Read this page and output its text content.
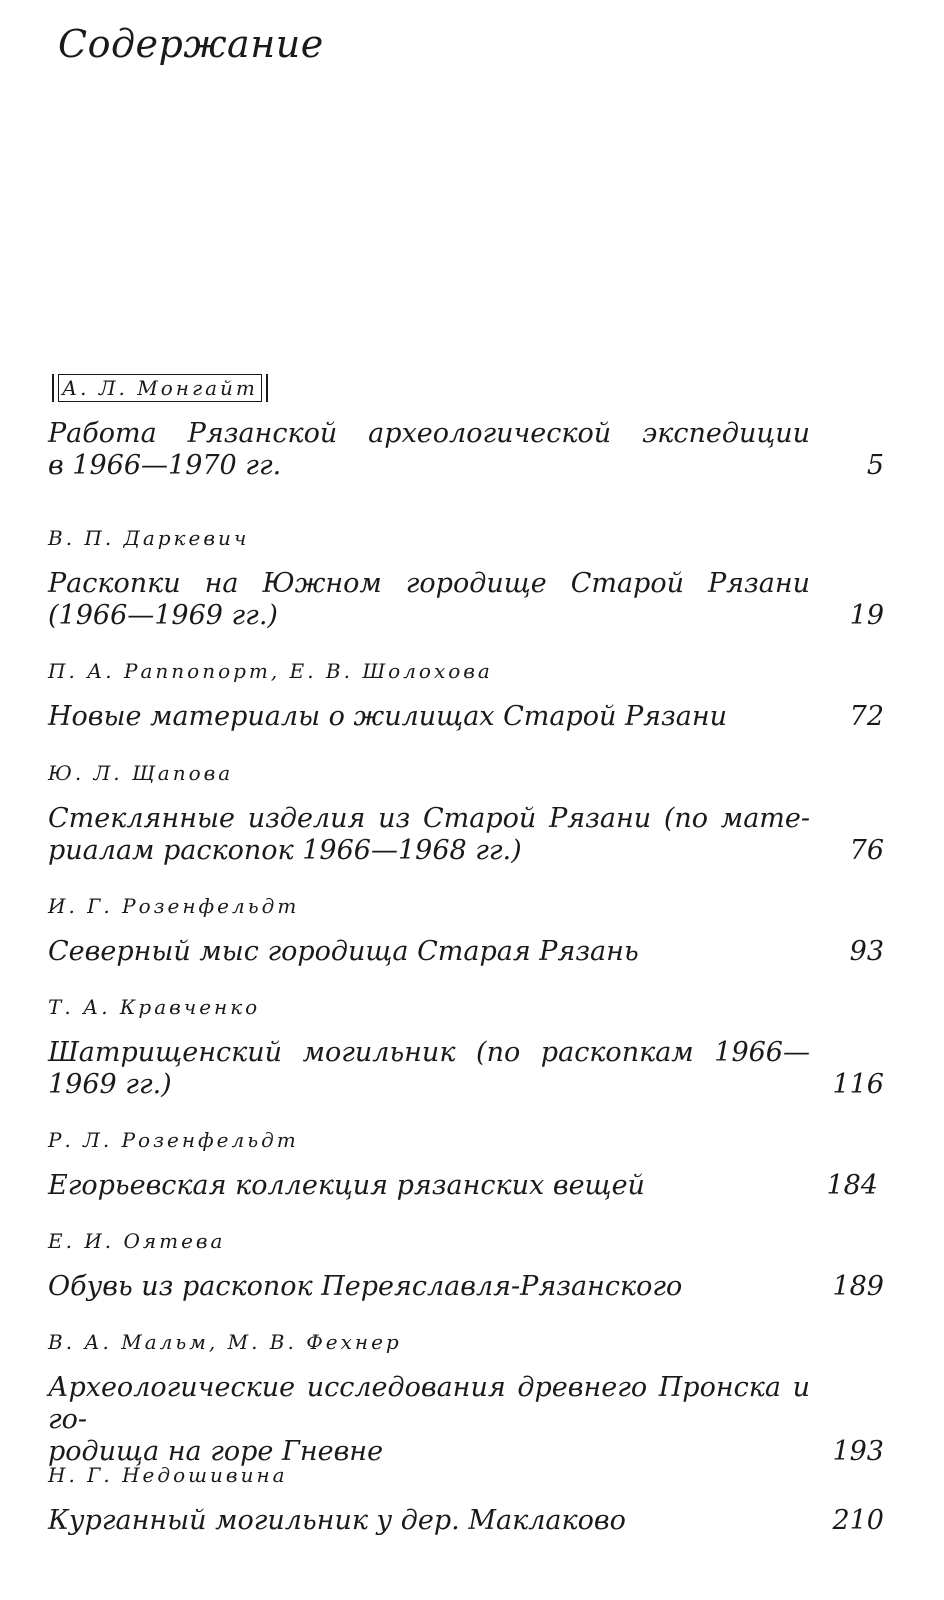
Содержание
А. Л. Монгайт
Работа Рязанской археологической экспедиции
в 1966—1970 гг.	5
В. П. Даркевич
Раскопки на Южном городище Старой Рязани
(1966—1969 гг.)	19
П. А. Раппопорт, Е. В. Шолохова
Новые материалы о жилищах Старой Рязани	72
Ю. Л. Щапова
Стеклянные изделия из Старой Рязани (по мате-
риалам раскопок 1966—1968 гг.)	76
И. Г. Розенфельдт
Северный мыс городища Старая Рязань	93
Т. А. Кравченко
Шатрищенский могильник (по раскопкам 1966—
1969 гг.)	116
Р. Л. Розенфельдт
Егорьевская коллекция рязанских вещей	184
Е. И. Оятева
Обувь из раскопок Переяславля-Рязанского	189
В. А. Мальм, М. В. Фехнер
Археологические исследования древнего Пронска и го-
родища на горе Гневне	193
Н. Г. Недошивина
Курганный могильник у дер. Маклаково	210
